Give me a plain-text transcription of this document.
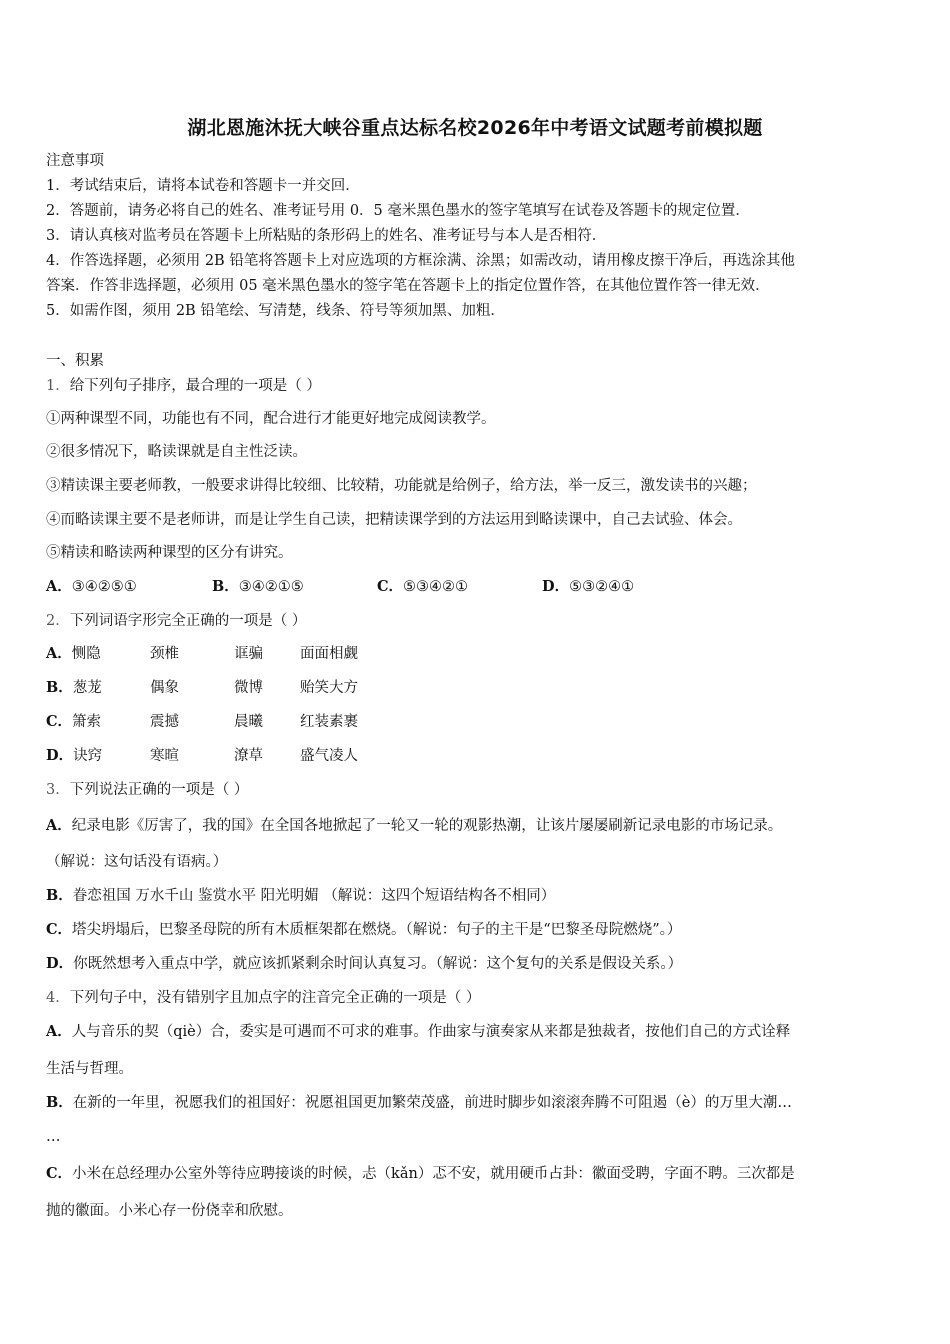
湖北恩施沐抚大峡谷重点达标名校2026年中考语文试题考前模拟题
注意事项
1．考试结束后，请将本试卷和答题卡一并交回．
2．答题前，请务必将自己的姓名、准考证号用 0．5 毫米黑色墨水的签字笔填写在试卷及答题卡的规定位置．
3．请认真核对监考员在答题卡上所粘贴的条形码上的姓名、准考证号与本人是否相符．
4．作答选择题，必须用 2B 铅笔将答题卡上对应选项的方框涂满、涂黑；如需改动，请用橡皮擦干净后，再选涂其他
答案．作答非选择题，必须用 05 毫米黑色墨水的签字笔在答题卡上的指定位置作答，在其他位置作答一律无效．
5．如需作图，须用 2B 铅笔绘、写清楚，线条、符号等须加黑、加粗．
一、积累
1．给下列句子排序，最合理的一项是（ ）
①两种课型不同，功能也有不同，配合进行才能更好地完成阅读教学。
②很多情况下，略读课就是自主性泛读。
③精读课主要老师教，一般要求讲得比较细、比较精，功能就是给例子，给方法，举一反三，激发读书的兴趣；
④而略读课主要不是老师讲，而是让学生自己读，把精读课学到的方法运用到略读课中，自己去试验、体会。
⑤精读和略读两种课型的区分有讲究。
A．③④②⑤①	B．③④②①⑤	C．⑤③④②①	D．⑤③②④①
2．下列词语字形完全正确的一项是（ ）
A．恻隐	颈椎	诓骗	面面相觑
B．葱茏	偶象	微博	贻笑大方
C．箫索	震撼	晨曦	红装素裹
D．诀窍	寒暄	潦草	盛气凌人
3．下列说法正确的一项是（ ）
A．纪录电影《厉害了，我的国》在全国各地掀起了一轮又一轮的观影热潮，让该片屡屡刷新记录电影的市场记录。
（解说：这句话没有语病。）
B．眷恋祖国 万水千山 鉴赏水平 阳光明媚 （解说：这四个短语结构各不相同）
C．塔尖坍塌后，巴黎圣母院的所有木质框架都在燃烧。（解说：句子的主干是“巴黎圣母院燃烧”。）
D．你既然想考入重点中学，就应该抓紧剩余时间认真复习。（解说：这个复句的关系是假设关系。）
4．下列句子中，没有错别字且加点字的注音完全正确的一项是（ ）
A．人与音乐的契（qiè）合，委实是可遇而不可求的难事。作曲家与演奏家从来都是独裁者，按他们自己的方式诠释
生活与哲理。
B．在新的一年里，祝愿我们的祖国好：祝愿祖国更加繁荣茂盛，前进时脚步如滚滚奔腾不可阻遏（è）的万里大潮…
…
C．小米在总经理办公室外等待应聘接谈的时候，忐（kǎn）忑不安，就用硬币占卦：徽面受聘，字面不聘。三次都是
抛的徽面。小米心存一份侥幸和欣慰。
